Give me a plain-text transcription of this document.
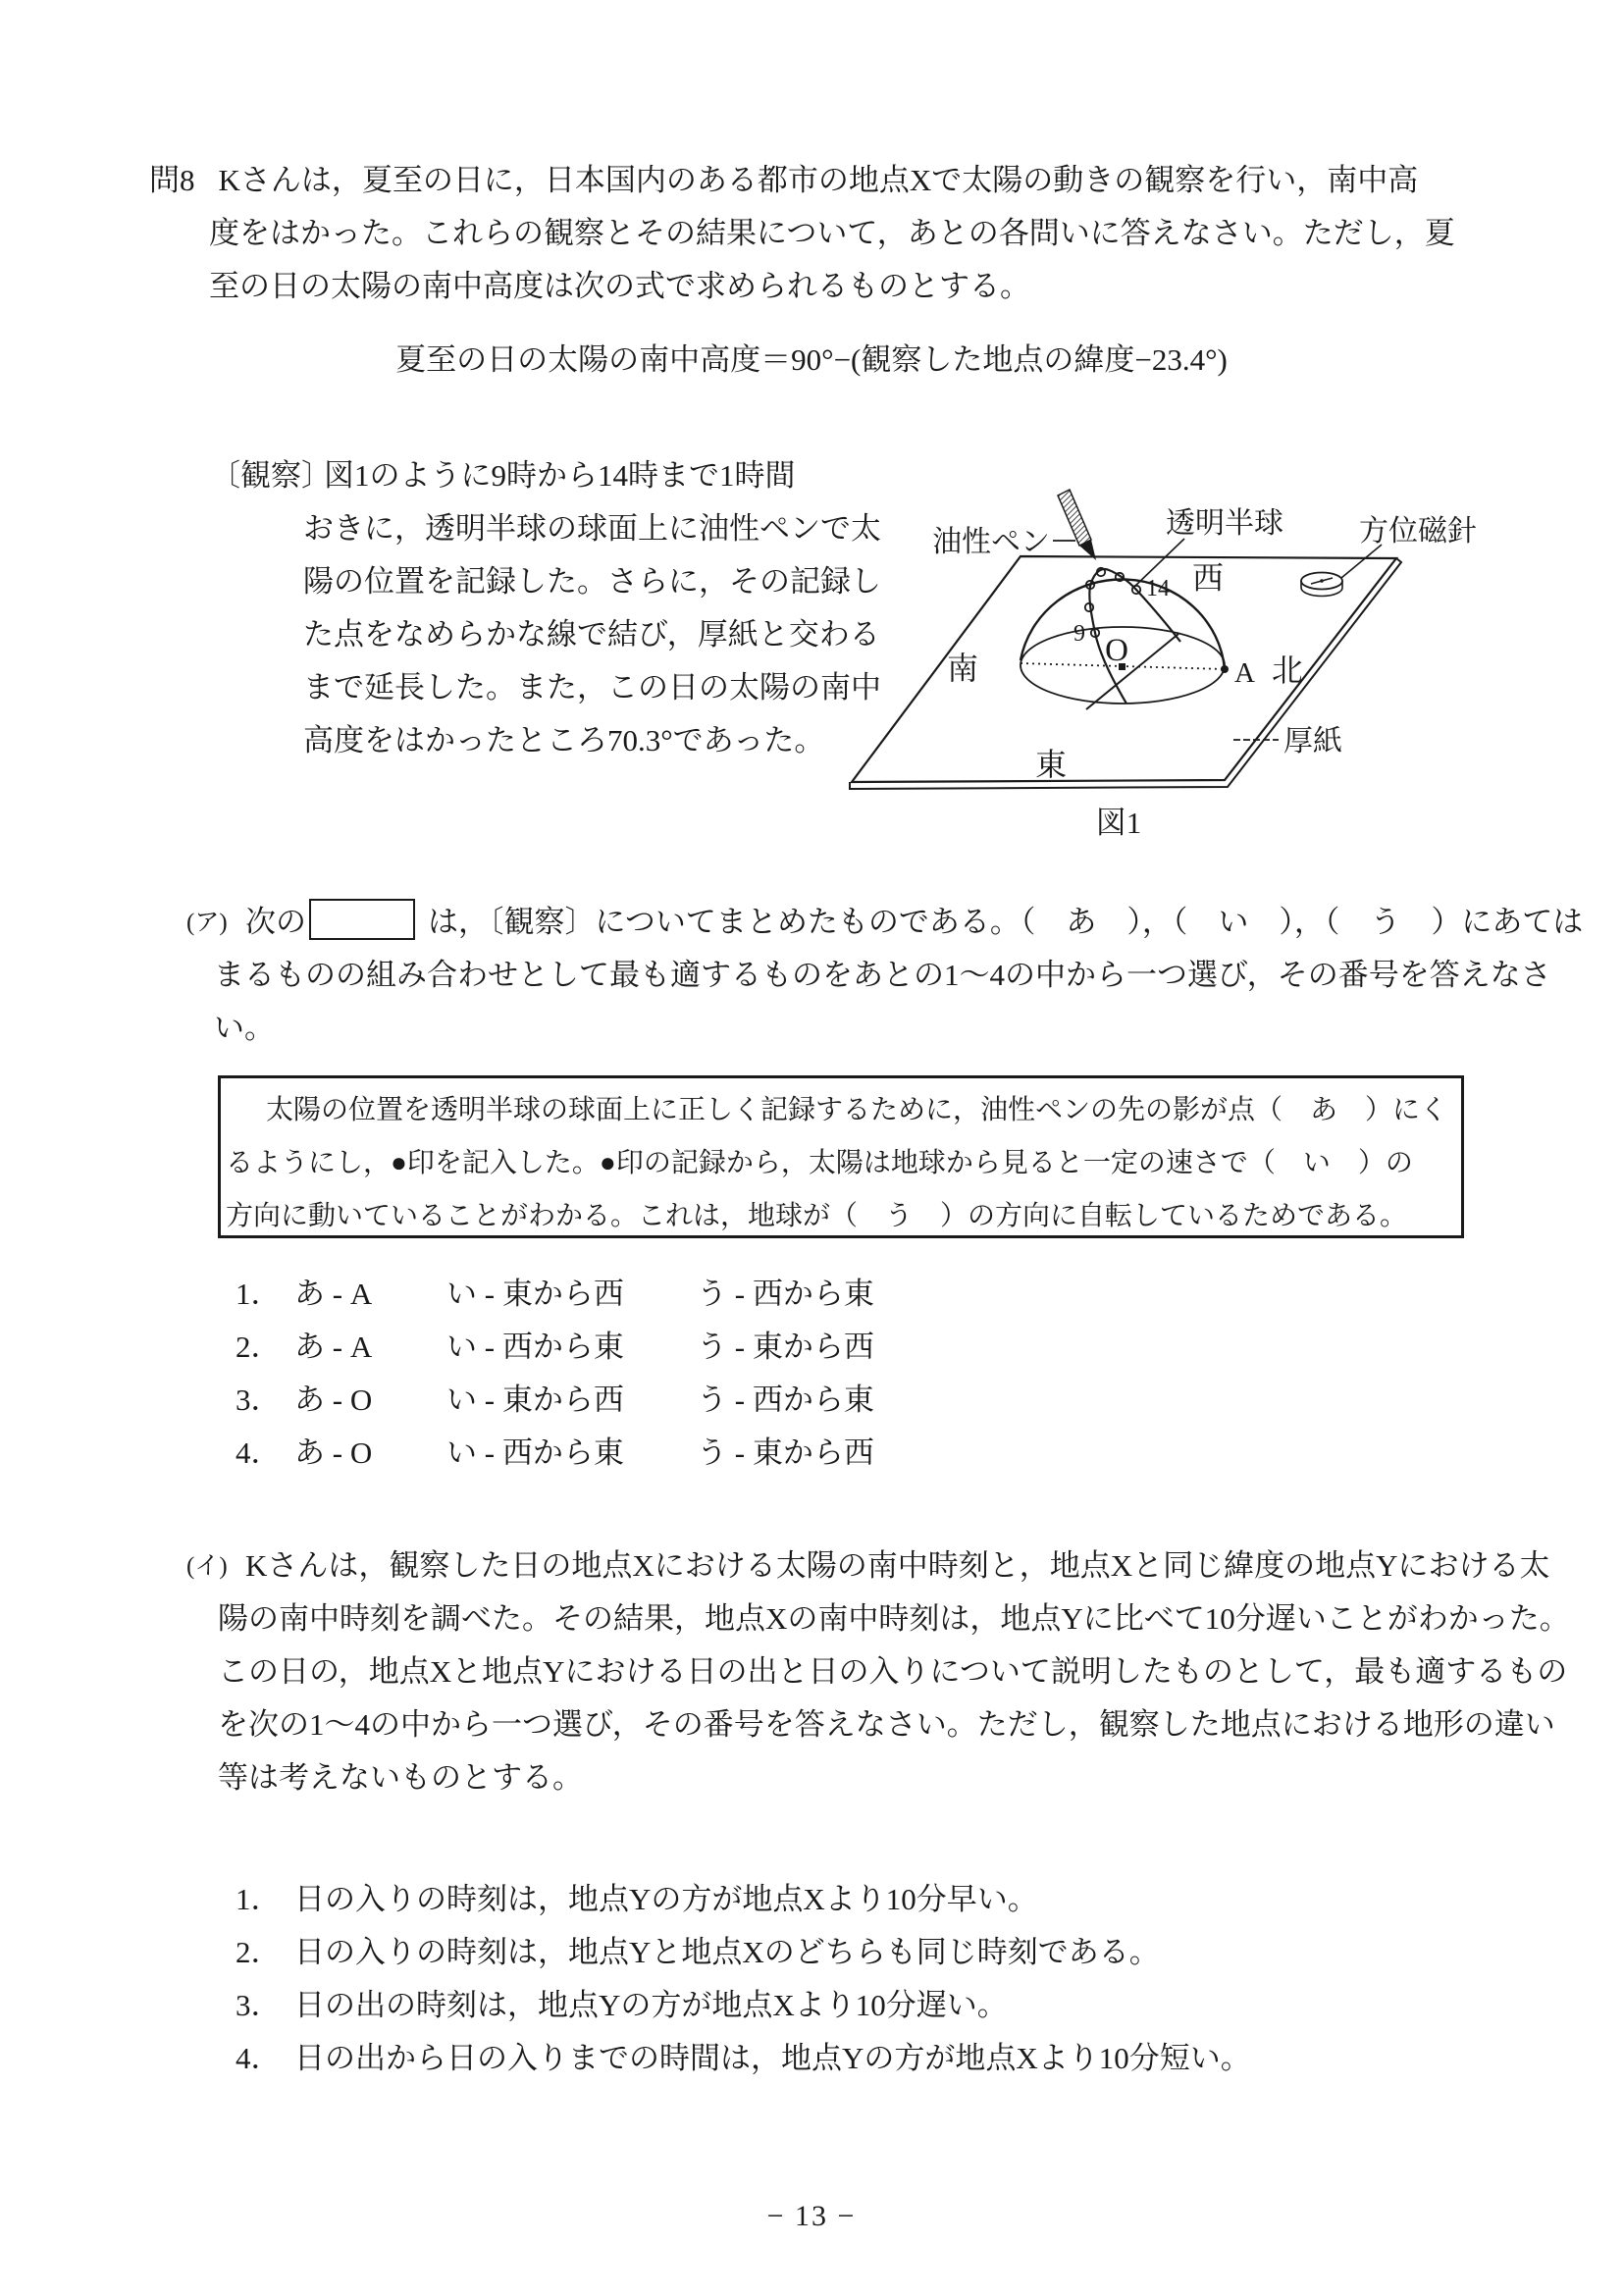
問8 Kさんは，夏至の日に，日本国内のある都市の地点Xで太陽の動きの観察を行い，南中高
度をはかった。これらの観察とその結果について，あとの各問いに答えなさい。ただし，夏
至の日の太陽の南中高度は次の式で求められるものとする。
夏至の日の太陽の南中高度＝90°−(観察した地点の緯度−23.4°)
〔観察〕
図1のように9時から14時まで1時間
おきに，透明半球の球面上に油性ペンで太
陽の位置を記録した。さらに，その記録し
た点をなめらかな線で結び，厚紙と交わる
まで延長した。また，この日の太陽の南中
高度をはかったところ70.3°であった。
9
14
油性ペン
透明半球	方位磁針
厚紙
西
南	北
東
O
A
図1
(ア) 次の	は，〔観察〕についてまとめたものである。（　あ　），（　い　），（　う　）にあては
まるものの組み合わせとして最も適するものをあとの1～4の中から一つ選び，その番号を答えなさ
い。
太陽の位置を透明半球の球面上に正しく記録するために，油性ペンの先の影が点（　あ　）にく
るようにし，●印を記入した。●印の記録から，太陽は地球から見ると一定の速さで（　い　）の
方向に動いていることがわかる。これは，地球が（　う　）の方向に自転しているためである。
1． あ - A い - 東から西 う - 西から東
2． あ - A い - 西から東 う - 東から西
3． あ - O い - 東から西 う - 西から東
4． あ - O い - 西から東 う - 東から西
(イ) Kさんは，観察した日の地点Xにおける太陽の南中時刻と，地点Xと同じ緯度の地点Yにおける太
陽の南中時刻を調べた。その結果，地点Xの南中時刻は，地点Yに比べて10分遅いことがわかった。
この日の，地点Xと地点Yにおける日の出と日の入りについて説明したものとして，最も適するもの
を次の1～4の中から一つ選び，その番号を答えなさい。ただし，観察した地点における地形の違い
等は考えないものとする。
1． 日の入りの時刻は，地点Yの方が地点Xより10分早い。
2． 日の入りの時刻は，地点Yと地点Xのどちらも同じ時刻である。
3． 日の出の時刻は，地点Yの方が地点Xより10分遅い。
4． 日の出から日の入りまでの時間は，地点Yの方が地点Xより10分短い。
− 13 −
